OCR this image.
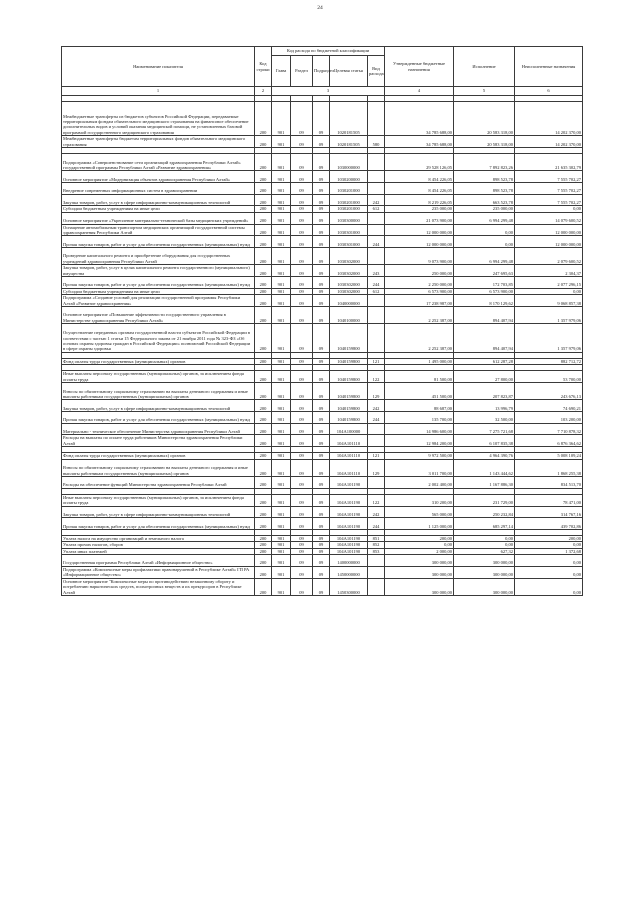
24
Наименование показателя	Код строки	Код расхода по бюджетной классификации					Утвержденные бюджетные назначения	Исполнение	Неисполненные назначения
		Глава	Раздел	Подраздел	Целевая статья	Вид расхода			
1	2	3					4	5	6

Межбюджетные трансферты из бюджетов субъектов Российской Федерации, передаваемые территориальным фондам обязательного медицинского страхования на финансовое обеспечение дополнительных видов и условий оказания медицинской помощи, не установленных базовой программой государственного медицинского страхования	200	901	09	09	1020181505		34 785 688,00	20 583 318,00	14 202 370,00
Межбюджетные трансферты бюджетам территориальных фондов обязательного медицинского страхования	200	901	09	09	1020181505	580	34 785 688,00	20 583 318,00	14 202 370,00

Подпрограмма «Совершенствование сети организаций здравоохранения Республики Алтай» государственной программы Республики Алтай «Развитие здравоохранения»	200	901	09	09	1030000000		29 528 126,05	7 892 823,26	21 635 302,79
Основное мероприятие «Модернизация объектов здравоохранения Республики Алтай»	200	901	09	09	1030200000		8 454 226,05	898 523,78	7 555 702,27
Внедрение современных информационных систем в здравоохранении	200	901	09	09	1030201000		8 454 226,05	898 523,78	7 555 702,27
Закупка товаров, работ, услуг в сфере информационно-коммуникационных технологий	200	901	09	09	1030201000	242	8 219 226,05	663 523,78	7 555 702,27
Субсидии бюджетным учреждениям на иные цели	200	901	09	09	1030201000	612	235 000,00	235 000,00	0,00
Основное мероприятие «Укрепление материально-технической базы медицинских учреждений»	200	901	09	09	1030300000		21 073 900,00	6 994 299,48	14 079 600,52
Оснащение автомобильным транспортом медицинских организаций государственной системы здравоохранения Республики Алтай	200	901	09	09	1030301000		12 000 000,00	0,00	12 000 000,00
Прочая закупка товаров, работ и услуг для обеспечения государственных (муниципальных) нужд	200	901	09	09	1030301000	244	12 000 000,00	0,00	12 000 000,00
Проведение капитального ремонта и приобретение оборудования для государственных учреждений здравоохранения Республики Алтай	200	901	09	09	1030302000		9 073 900,00	6 994 299,48	2 079 600,52
Закупка товаров, работ, услуг в целях капитального ремонта государственного (муниципального) имущества	200	901	09	09	1030302000	243	250 000,00	247 695,63	2 304,37
Прочая закупка товаров, работ и услуг для обеспечения государственных (муниципальных) нужд	200	901	09	09	1030302000	244	2 250 000,00	172 703,85	2 077 296,15
Субсидии бюджетным учреждениям на иные цели	200	901	09	09	1030302000	612	6 573 900,00	6 573 900,00	0,00
Подпрограмма «Создание условий для реализации государственной программы Республики Алтай «Развитие здравоохранения»	200	901	09	09	1040000000		17 238 987,00	8 170 129,62	9 068 857,38
Основное мероприятие «Повышение эффективности государственного управления в Министерстве здравоохранения Республики Алтай»	200	901	09	09	1040100000		2 252 387,00	894 407,94	1 357 979,06
Осуществление переданных органам государственной власти субъектов Российской Федерации в соответствии с частью 1 статьи 15 Федерального закона от 21 ноября 2011 года № 323-ФЗ «Об основах охраны здоровья граждан в Российской Федерации» полномочий Российской Федерации в сфере охраны здоровья	200	901	09	09	1040159800		2 252 387,00	894 407,94	1 357 979,06

Фонд оплаты труда государственных (муниципальных) органов	200	901	09	09	1040159800	121	1 495 000,00	612 287,28	882 712,72

Иные выплаты персоналу государственных (муниципальных) органов, за исключением фонда оплаты труда	200	901	09	09	1040159800	122	81 500,00	27 800,00	53 700,00
Взносы по обязательному социальному страхованию на выплаты денежного содержания и иные выплаты работникам государственных (муниципальных) органов	200	901	09	09	1040159800	129	451 500,00	207 823,87	243 676,13
Закупка товаров, работ, услуг в сфере информационно-коммуникационных технологий	200	901	09	09	1040159800	242	88 687,00	13 996,79	74 690,21
Прочая закупка товаров, работ и услуг для обеспечения государственных (муниципальных) нужд	200	901	09	09	1040159800	244	135 700,00	32 500,00	103 200,00
Материально - техническое обеспечение Министерства здравоохранения Республики Алтай	200	901	09	09	104A100000		14 986 600,00	7 275 721,68	7 710 878,32
Расходы на выплаты по оплате труда работников Министерства здравоохранения Республики Алтай	200	901	09	09	104A101110		12 984 200,00	6 107 835,38	6 876 364,62

Фонд оплаты труда государственных (муниципальных) органов	200	901	09	09	104A101110	121	9 972 500,00	4 964 390,76	5 008 109,24
Взносы по обязательному социальному страхованию на выплаты денежного содержания и иные выплаты работникам государственных (муниципальных) органов	200	901	09	09	104A101110	129	3 011 700,00	1 143 444,62	1 868 255,38
Расходы на обеспечение функций Министерства здравоохранения Республики Алтай	200	901	09	09	104A101190		2 002 400,00	1 167 886,30	834 513,70

Иные выплаты персоналу государственных (муниципальных) органов, за исключением фонда оплаты труда	200	901	09	09	104A101190	122	310 200,00	231 729,00	78 471,00
Закупка товаров, работ, услуг в сфере информационно-коммуникационных технологий	200	901	09	09	104A101190	242	565 000,00	250 232,84	314 767,16
Прочая закупка товаров, работ и услуг для обеспечения государственных (муниципальных) нужд	200	901	09	09	104A101190	244	1 125 000,00	685 297,14	439 702,86

Уплата налога на имущество организаций и земельного налога	200	901	09	09	104A101190	851	200,00	0,00	200,00
Уплата прочих налогов, сборов	200	901	09	09	104A101190	852	0,00	0,00	0,00
Уплата иных платежей	200	901	09	09	104A101190	853	2 000,00	627,32	1 372,68
Государственная программа Республики Алтай «Информационное общество»	200	901	09	09	1400000000		300 000,00	300 000,00	0,00
Подпрограмма «Комплексные меры профилактики правонарушений в Республике Алтай» ГП РА «Информационное общество»	200	901	09	09	1450000000		300 000,00	300 000,00	0,00
Основное мероприятие "Комплексные меры по противодействию незаконному обороту и потреблению наркотических средств, психотропных веществ и их прекурсоров в Республике Алтай	200	901	09	09	1450300000		300 000,00	300 000,00	0,00
